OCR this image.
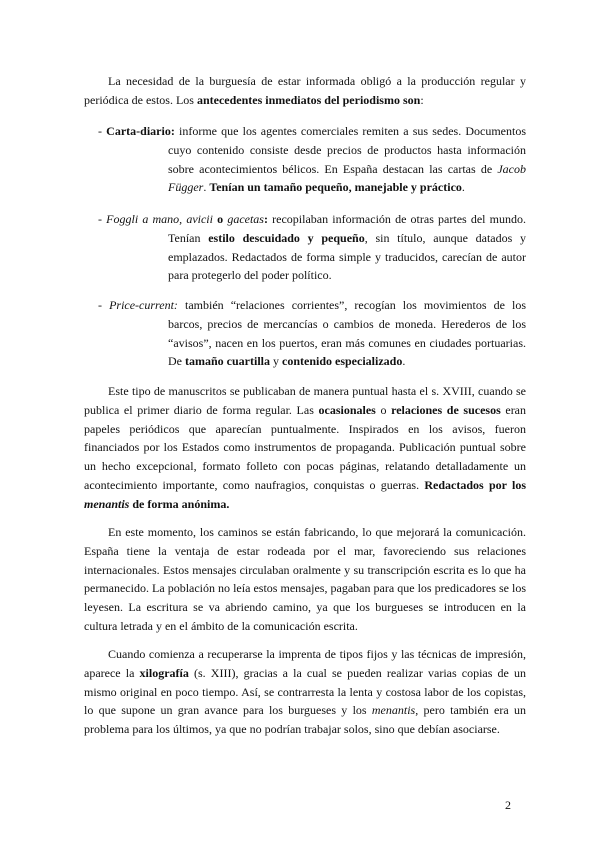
La necesidad de la burguesía de estar informada obligó a la producción regular y periódica de estos. Los antecedentes inmediatos del periodismo son:

- Carta-diario: informe que los agentes comerciales remiten a sus sedes. Documentos cuyo contenido consiste desde precios de productos hasta información sobre acontecimientos bélicos. En España destacan las cartas de Jacob Függer. Tenían un tamaño pequeño, manejable y práctico.

- Foggli a mano, avicii o gacetas: recopilaban información de otras partes del mundo. Tenían estilo descuidado y pequeño, sin título, aunque datados y emplazados. Redactados de forma simple y traducidos, carecían de autor para protegerlo del poder político.

- Price-current: también “relaciones corrientes”, recogían los movimientos de los barcos, precios de mercancías o cambios de moneda. Herederos de los “avisos”, nacen en los puertos, eran más comunes en ciudades portuarias. De tamaño cuartilla y contenido especializado.

Este tipo de manuscritos se publicaban de manera puntual hasta el s. XVIII, cuando se publica el primer diario de forma regular. Las ocasionales o relaciones de sucesos eran papeles periódicos que aparecían puntualmente. Inspirados en los avisos, fueron financiados por los Estados como instrumentos de propaganda. Publicación puntual sobre un hecho excepcional, formato folleto con pocas páginas, relatando detalladamente un acontecimiento importante, como naufragios, conquistas o guerras. Redactados por los menantis de forma anónima.

En este momento, los caminos se están fabricando, lo que mejorará la comunicación. España tiene la ventaja de estar rodeada por el mar, favoreciendo sus relaciones internacionales. Estos mensajes circulaban oralmente y su transcripción escrita es lo que ha permanecido. La población no leía estos mensajes, pagaban para que los predicadores se los leyesen. La escritura se va abriendo camino, ya que los burgueses se introducen en la cultura letrada y en el ámbito de la comunicación escrita.

Cuando comienza a recuperarse la imprenta de tipos fijos y las técnicas de impresión, aparece la xilografía (s. XIII), gracias a la cual se pueden realizar varias copias de un mismo original en poco tiempo. Así, se contrarresta la lenta y costosa labor de los copistas, lo que supone un gran avance para los burgueses y los menantis, pero también era un problema para los últimos, ya que no podrían trabajar solos, sino que debían asociarse.

2
